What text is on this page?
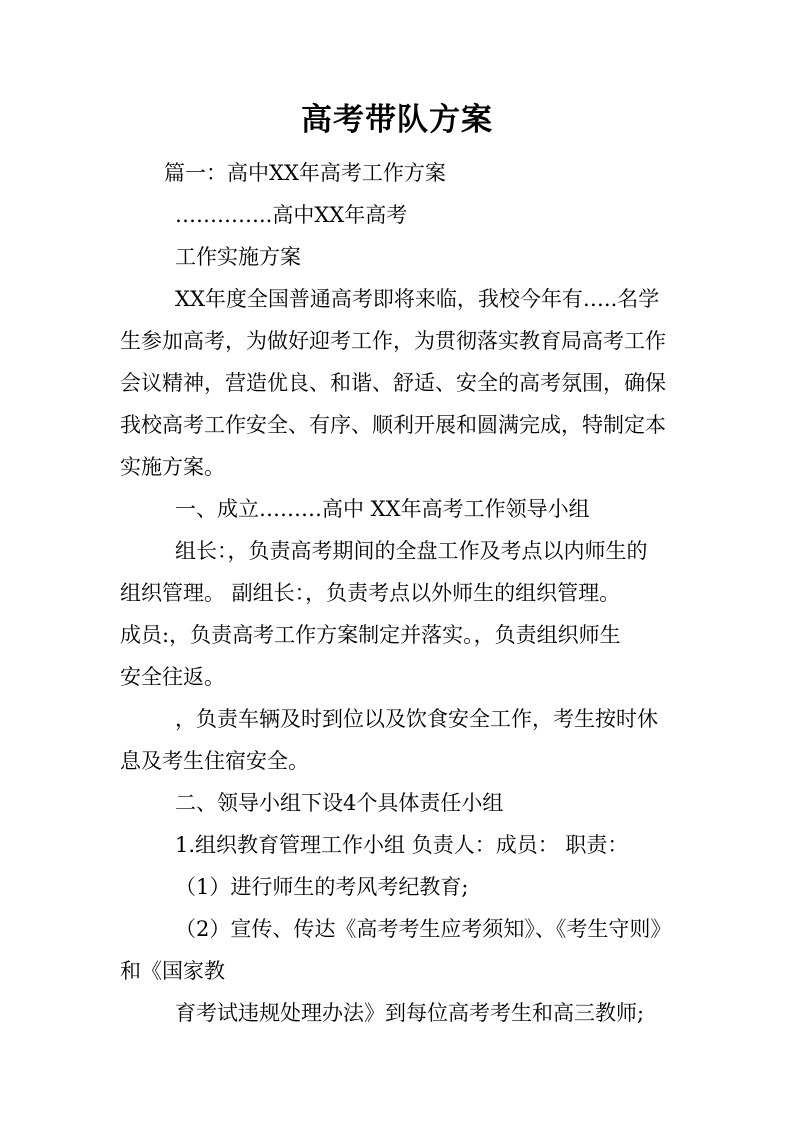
高考带队方案
篇一：高中XX年高考工作方案
…………..高中XX年高考
工作实施方案
XX年度全国普通高考即将来临，我校今年有…..名学
生参加高考，为做好迎考工作，为贯彻落实教育局高考工作
会议精神，营造优良、和谐、舒适、安全的高考氛围，确保
我校高考工作安全、有序、顺利开展和圆满完成，特制定本
实施方案。
一、成立………高中 XX年高考工作领导小组
组长：，负责高考期间的全盘工作及考点以内师生的
组织管理。 副组长：，负责考点以外师生的组织管理。
成员:，负责高考工作方案制定并落实。，负责组织师生
安全往返。
，负责车辆及时到位以及饮食安全工作，考生按时休
息及考生住宿安全。
二、领导小组下设4个具体责任小组
1.组织教育管理工作小组 负责人：成员： 职责：
（1）进行师生的考风考纪教育;
（2）宣传、传达《高考考生应考须知》、《考生守则》
和《国家教
育考试违规处理办法》到每位高考考生和高三教师;
